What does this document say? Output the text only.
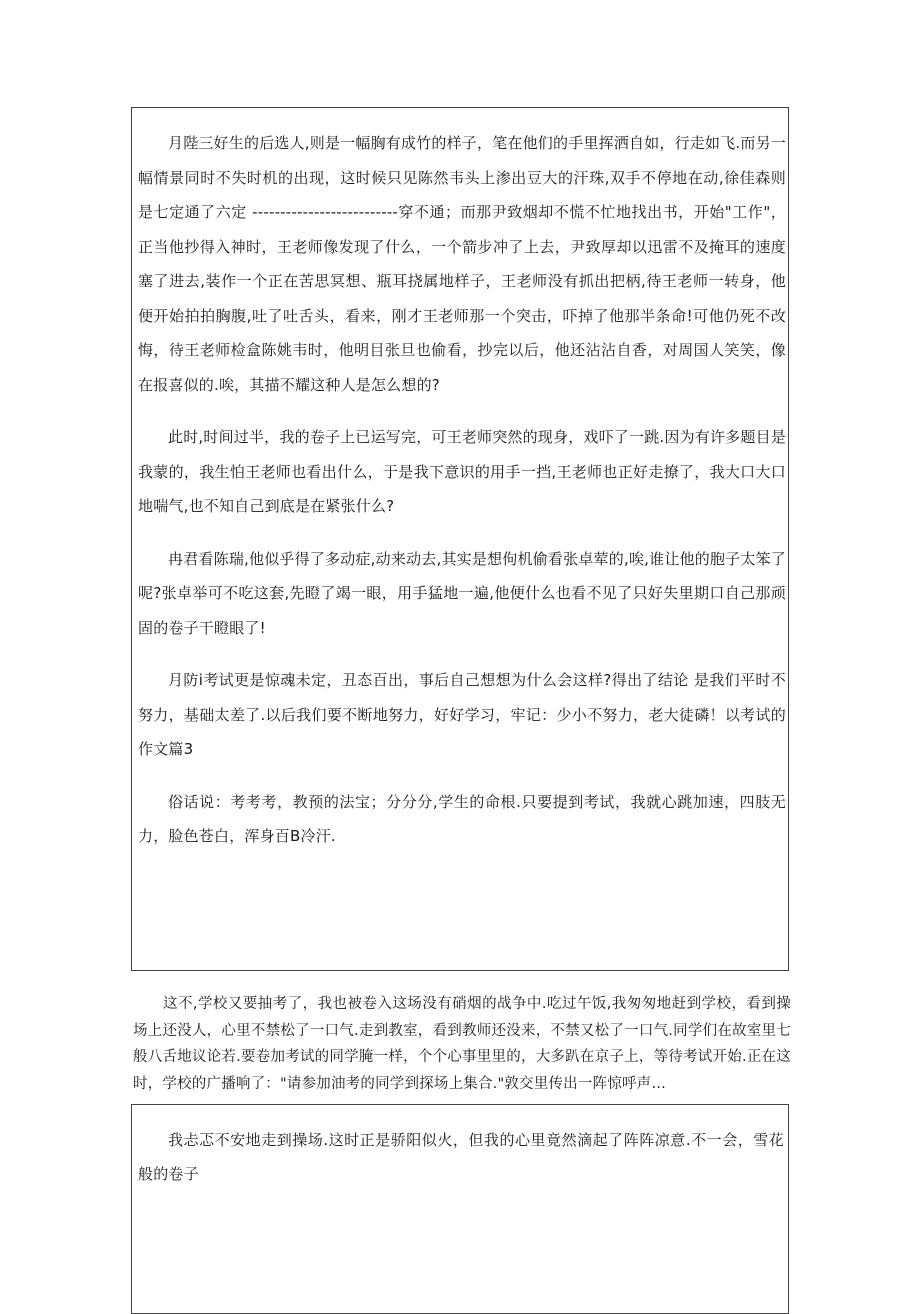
月陛三好生的后选人,则是一幅胸有成竹的样子，笔在他们的手里挥洒自如，行走如飞.而另一幅情景同时不失时机的出现，这时候只见陈然韦头上渗出豆大的汗珠,双手不停地在动,徐佳森则是七定通了六定 --------------------------穿不通；而那尹致烟却不慌不忙地找出书，开始"工作"，正当他抄得入神时，王老师像发现了什么，一个箭步冲了上去，尹致厚却以迅雷不及掩耳的速度塞了进去,装作一个正在苦思冥想、瓶耳挠属地样子，王老师没有抓出把柄,待王老师一转身，他便开始拍拍胸腹,吐了吐舌头，看来，刚才王老师那一个突击，吓掉了他那半条命!可他仍死不改悔，待王老师检盒陈姚韦时，他明目张旦也偷看，抄完以后，他还沾沾自香，对周国人笑笑，像在报喜似的.唉，其描不耀这种人是怎么想的?

此时,时间过半，我的卷子上已运写完，可王老师突然的现身，戏吓了一跳.因为有许多题目是我蒙的，我生怕王老师也看出什么，于是我下意识的用手一挡,王老师也正好走撩了，我大口大口地喘气,也不知自己到底是在紧张什么?

冉君看陈瑞,他似乎得了多动症,动来动去,其实是想佝机偷看张卓荤的,唉,谁让他的胞子太笨了呢?张卓举可不吃这套,先瞪了竭一眼，用手猛地一遍,他便什么也看不见了只好失里期口自己那顽固的卷子干瞪眼了!

月防i考试更是惊魂未定，丑态百出，事后自己想想为什么会这样?得出了结论 是我们平时不努力，基础太差了.以后我们要不断地努力，好好学习，牢记：少小不努力，老大徒磷！以考试的作文篇3

俗话说：考考考，教预的法宝；分分分,学生的命根.只要提到考试，我就心跳加速，四肢无力，脸色苍白，浑身百B冷汗.

这不,学校又要抽考了，我也被卷入这场没有硝烟的战争中.吃过午饭,我匆匆地赶到学校，看到操场上还没人，心里不禁松了一口气.走到教室，看到教师还没来，不禁又松了一口气.同学们在故室里七般八舌地议论若.要卷加考试的同学腌一样，个个心事里里的，大多趴在京子上，等待考试开始.正在这时，学校的广播响了："请参加油考的同学到探场上集合."敦交里传出一阵惊呼声…

我忐忑不安地走到操场.这时正是骄阳似火，但我的心里竟然滴起了阵阵凉意.不一会，雪花般的卷子
